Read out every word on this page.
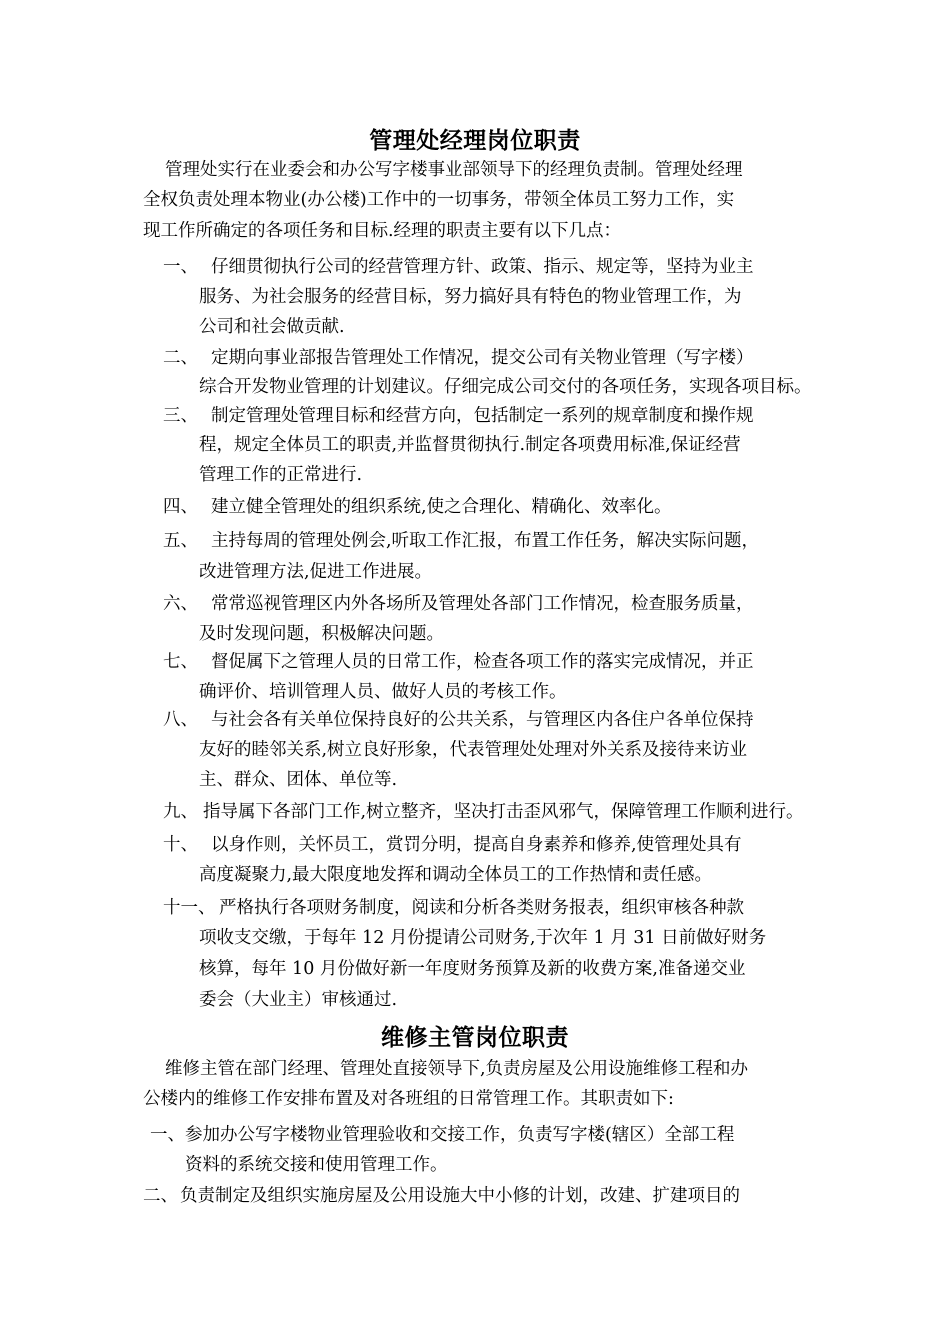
管理处经理岗位职责
维修主管岗位职责
管理处实行在业委会和办公写字楼事业部领导下的经理负责制。管理处经理
全权负责处理本物业(办公楼)工作中的一切事务，带领全体员工努力工作，实
现工作所确定的各项任务和目标.经理的职责主要有以下几点：
一、 仔细贯彻执行公司的经营管理方针、政策、指示、规定等，坚持为业主
服务、为社会服务的经营目标，努力搞好具有特色的物业管理工作，为
公司和社会做贡献.
二、 定期向事业部报告管理处工作情况，提交公司有关物业管理（写字楼）
综合开发物业管理的计划建议。仔细完成公司交付的各项任务，实现各项目标。
三、 制定管理处管理目标和经营方向，包括制定一系列的规章制度和操作规
程，规定全体员工的职责,并监督贯彻执行.制定各项费用标准,保证经营
管理工作的正常进行.
四、 建立健全管理处的组织系统,使之合理化、精确化、效率化。
五、 主持每周的管理处例会,听取工作汇报，布置工作任务，解决实际问题，
改进管理方法,促进工作进展。
六、 常常巡视管理区内外各场所及管理处各部门工作情况，检查服务质量，
及时发现问题，积极解决问题。
七、 督促属下之管理人员的日常工作，检查各项工作的落实完成情况，并正
确评价、培训管理人员、做好人员的考核工作。
八、 与社会各有关单位保持良好的公共关系，与管理区内各住户各单位保持
友好的睦邻关系,树立良好形象，代表管理处处理对外关系及接待来访业
主、群众、团体、单位等.
九、 指导属下各部门工作,树立整齐，坚决打击歪风邪气，保障管理工作顺利进行。
十、 以身作则，关怀员工，赏罚分明，提高自身素养和修养,使管理处具有
高度凝聚力,最大限度地发挥和调动全体员工的工作热情和责任感。
十一、 严格执行各项财务制度，阅读和分析各类财务报表，组织审核各种款
项收支交缴，于每年 12 月份提请公司财务,于次年 1 月 31 日前做好财务
核算，每年 10 月份做好新一年度财务预算及新的收费方案,准备递交业
委会（大业主）审核通过.
维修主管在部门经理、管理处直接领导下,负责房屋及公用设施维修工程和办
公楼内的维修工作安排布置及对各班组的日常管理工作。其职责如下:
一、 参加办公写字楼物业管理验收和交接工作，负责写字楼(辖区）全部工程
资料的系统交接和使用管理工作。
二、 负责制定及组织实施房屋及公用设施大中小修的计划，改建、扩建项目的
